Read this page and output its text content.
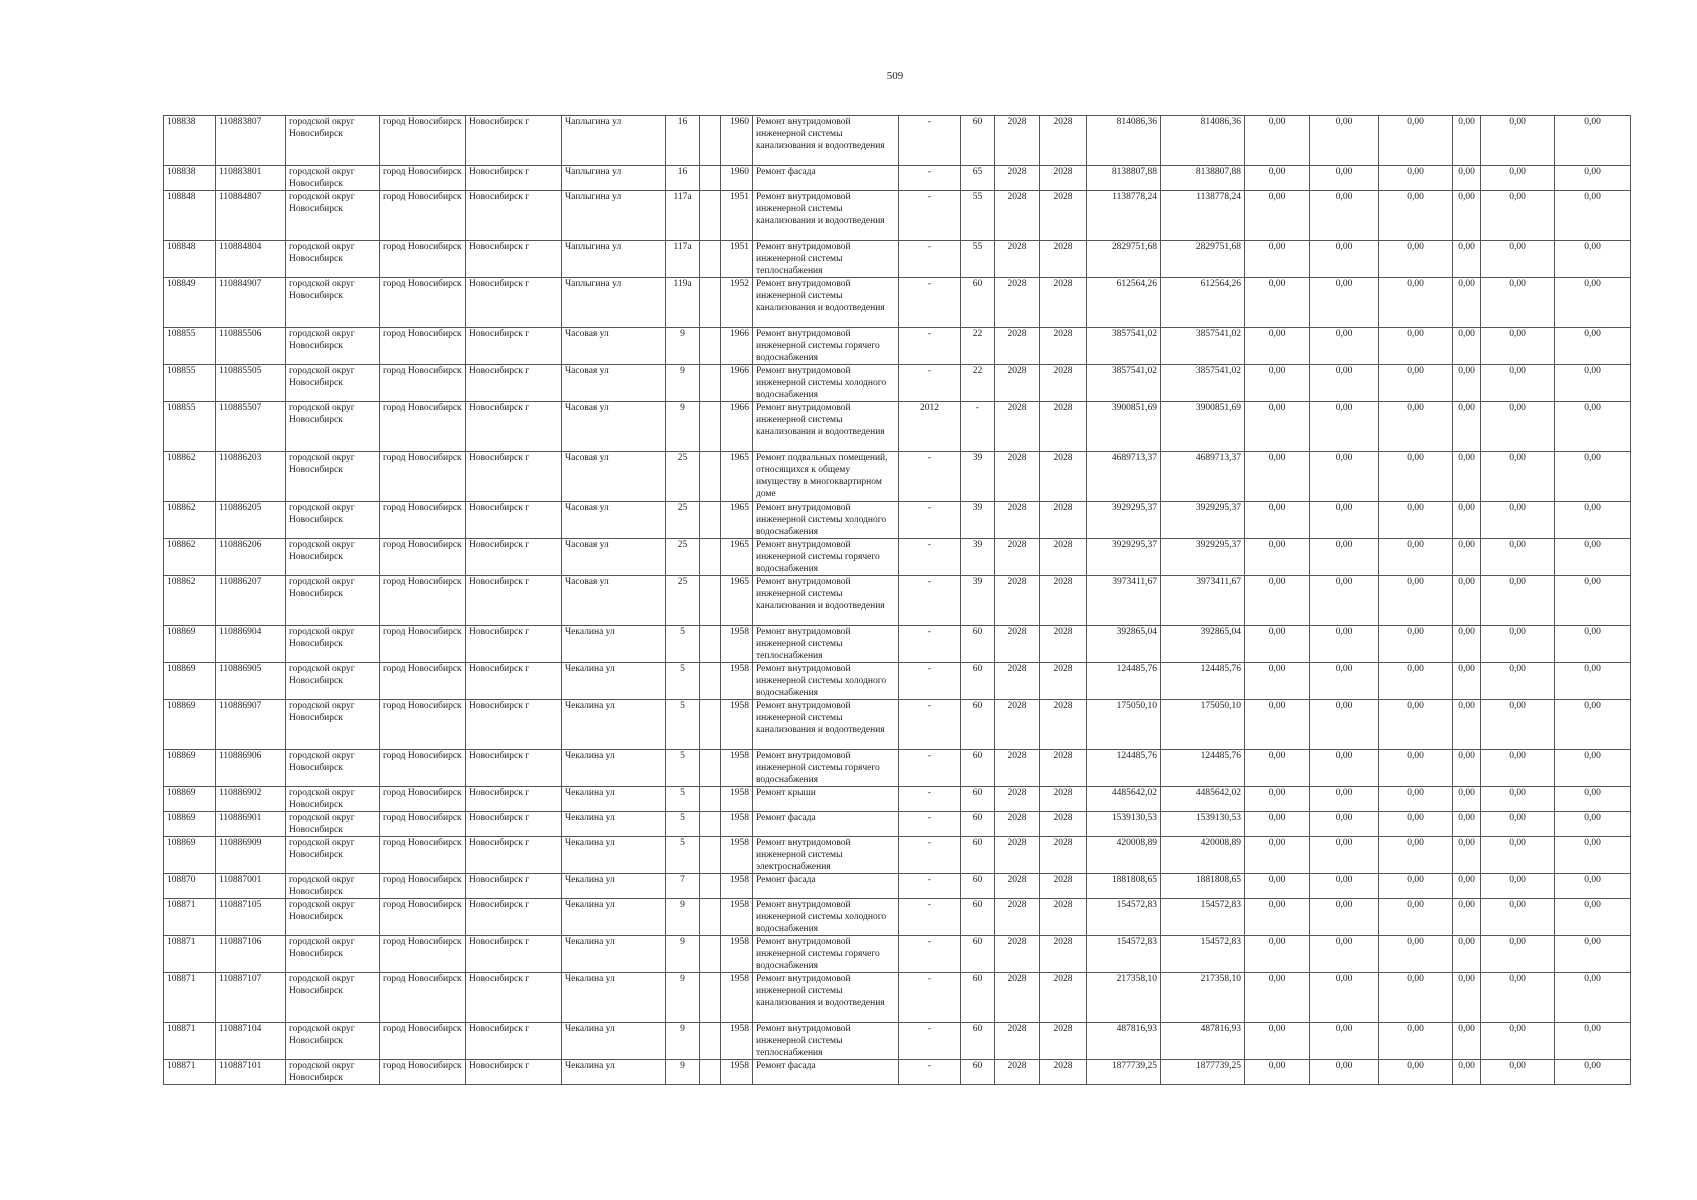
509
108838	110883807	городской округ Новосибирск	город Новосибирск	Новосибирск г	Чаплыгина ул	16		1960	Ремонт внутридомовой инженерной системы канализования и водоотведения	-	60	2028	2028	814086,36	814086,36	0,00	0,00	0,00	0,00	0,00	0,00
108838	110883801	городской округ Новосибирск	город Новосибирск	Новосибирск г	Чаплыгина ул	16		1960	Ремонт фасада	-	65	2028	2028	8138807,88	8138807,88	0,00	0,00	0,00	0,00	0,00	0,00
108848	110884807	городской округ Новосибирск	город Новосибирск	Новосибирск г	Чаплыгина ул	117а		1951	Ремонт внутридомовой инженерной системы канализования и водоотведения	-	55	2028	2028	1138778,24	1138778,24	0,00	0,00	0,00	0,00	0,00	0,00
108848	110884804	городской округ Новосибирск	город Новосибирск	Новосибирск г	Чаплыгина ул	117а		1951	Ремонт внутридомовой инженерной системы теплоснабжения	-	55	2028	2028	2829751,68	2829751,68	0,00	0,00	0,00	0,00	0,00	0,00
108849	110884907	городской округ Новосибирск	город Новосибирск	Новосибирск г	Чаплыгина ул	119а		1952	Ремонт внутридомовой инженерной системы канализования и водоотведения	-	60	2028	2028	612564,26	612564,26	0,00	0,00	0,00	0,00	0,00	0,00
108855	110885506	городской округ Новосибирск	город Новосибирск	Новосибирск г	Часовая ул	9		1966	Ремонт внутридомовой инженерной системы горячего водоснабжения	-	22	2028	2028	3857541,02	3857541,02	0,00	0,00	0,00	0,00	0,00	0,00
108855	110885505	городской округ Новосибирск	город Новосибирск	Новосибирск г	Часовая ул	9		1966	Ремонт внутридомовой инженерной системы холодного водоснабжения	-	22	2028	2028	3857541,02	3857541,02	0,00	0,00	0,00	0,00	0,00	0,00
108855	110885507	городской округ Новосибирск	город Новосибирск	Новосибирск г	Часовая ул	9		1966	Ремонт внутридомовой инженерной системы канализования и водоотведения	2012	-	2028	2028	3900851,69	3900851,69	0,00	0,00	0,00	0,00	0,00	0,00
108862	110886203	городской округ Новосибирск	город Новосибирск	Новосибирск г	Часовая ул	25		1965	Ремонт подвальных помещений, относящихся к общему имуществу в многоквартирном доме	-	39	2028	2028	4689713,37	4689713,37	0,00	0,00	0,00	0,00	0,00	0,00
108862	110886205	городской округ Новосибирск	город Новосибирск	Новосибирск г	Часовая ул	25		1965	Ремонт внутридомовой инженерной системы холодного водоснабжения	-	39	2028	2028	3929295,37	3929295,37	0,00	0,00	0,00	0,00	0,00	0,00
108862	110886206	городской округ Новосибирск	город Новосибирск	Новосибирск г	Часовая ул	25		1965	Ремонт внутридомовой инженерной системы горячего водоснабжения	-	39	2028	2028	3929295,37	3929295,37	0,00	0,00	0,00	0,00	0,00	0,00
108862	110886207	городской округ Новосибирск	город Новосибирск	Новосибирск г	Часовая ул	25		1965	Ремонт внутридомовой инженерной системы канализования и водоотведения	-	39	2028	2028	3973411,67	3973411,67	0,00	0,00	0,00	0,00	0,00	0,00
108869	110886904	городской округ Новосибирск	город Новосибирск	Новосибирск г	Чекалина ул	5		1958	Ремонт внутридомовой инженерной системы теплоснабжения	-	60	2028	2028	392865,04	392865,04	0,00	0,00	0,00	0,00	0,00	0,00
108869	110886905	городской округ Новосибирск	город Новосибирск	Новосибирск г	Чекалина ул	5		1958	Ремонт внутридомовой инженерной системы холодного водоснабжения	-	60	2028	2028	124485,76	124485,76	0,00	0,00	0,00	0,00	0,00	0,00
108869	110886907	городской округ Новосибирск	город Новосибирск	Новосибирск г	Чекалина ул	5		1958	Ремонт внутридомовой инженерной системы канализования и водоотведения	-	60	2028	2028	175050,10	175050,10	0,00	0,00	0,00	0,00	0,00	0,00
108869	110886906	городской округ Новосибирск	город Новосибирск	Новосибирск г	Чекалина ул	5		1958	Ремонт внутридомовой инженерной системы горячего водоснабжения	-	60	2028	2028	124485,76	124485,76	0,00	0,00	0,00	0,00	0,00	0,00
108869	110886902	городской округ Новосибирск	город Новосибирск	Новосибирск г	Чекалина ул	5		1958	Ремонт крыши	-	60	2028	2028	4485642,02	4485642,02	0,00	0,00	0,00	0,00	0,00	0,00
108869	110886901	городской округ Новосибирск	город Новосибирск	Новосибирск г	Чекалина ул	5		1958	Ремонт фасада	-	60	2028	2028	1539130,53	1539130,53	0,00	0,00	0,00	0,00	0,00	0,00
108869	110886909	городской округ Новосибирск	город Новосибирск	Новосибирск г	Чекалина ул	5		1958	Ремонт внутридомовой инженерной системы электроснабжения	-	60	2028	2028	420008,89	420008,89	0,00	0,00	0,00	0,00	0,00	0,00
108870	110887001	городской округ Новосибирск	город Новосибирск	Новосибирск г	Чекалина ул	7		1958	Ремонт фасада	-	60	2028	2028	1881808,65	1881808,65	0,00	0,00	0,00	0,00	0,00	0,00
108871	110887105	городской округ Новосибирск	город Новосибирск	Новосибирск г	Чекалина ул	9		1958	Ремонт внутридомовой инженерной системы холодного водоснабжения	-	60	2028	2028	154572,83	154572,83	0,00	0,00	0,00	0,00	0,00	0,00
108871	110887106	городской округ Новосибирск	город Новосибирск	Новосибирск г	Чекалина ул	9		1958	Ремонт внутридомовой инженерной системы горячего водоснабжения	-	60	2028	2028	154572,83	154572,83	0,00	0,00	0,00	0,00	0,00	0,00
108871	110887107	городской округ Новосибирск	город Новосибирск	Новосибирск г	Чекалина ул	9		1958	Ремонт внутридомовой инженерной системы канализования и водоотведения	-	60	2028	2028	217358,10	217358,10	0,00	0,00	0,00	0,00	0,00	0,00
108871	110887104	городской округ Новосибирск	город Новосибирск	Новосибирск г	Чекалина ул	9		1958	Ремонт внутридомовой инженерной системы теплоснабжения	-	60	2028	2028	487816,93	487816,93	0,00	0,00	0,00	0,00	0,00	0,00
108871	110887101	городской округ Новосибирск	город Новосибирск	Новосибирск г	Чекалина ул	9		1958	Ремонт фасада	-	60	2028	2028	1877739,25	1877739,25	0,00	0,00	0,00	0,00	0,00	0,00
